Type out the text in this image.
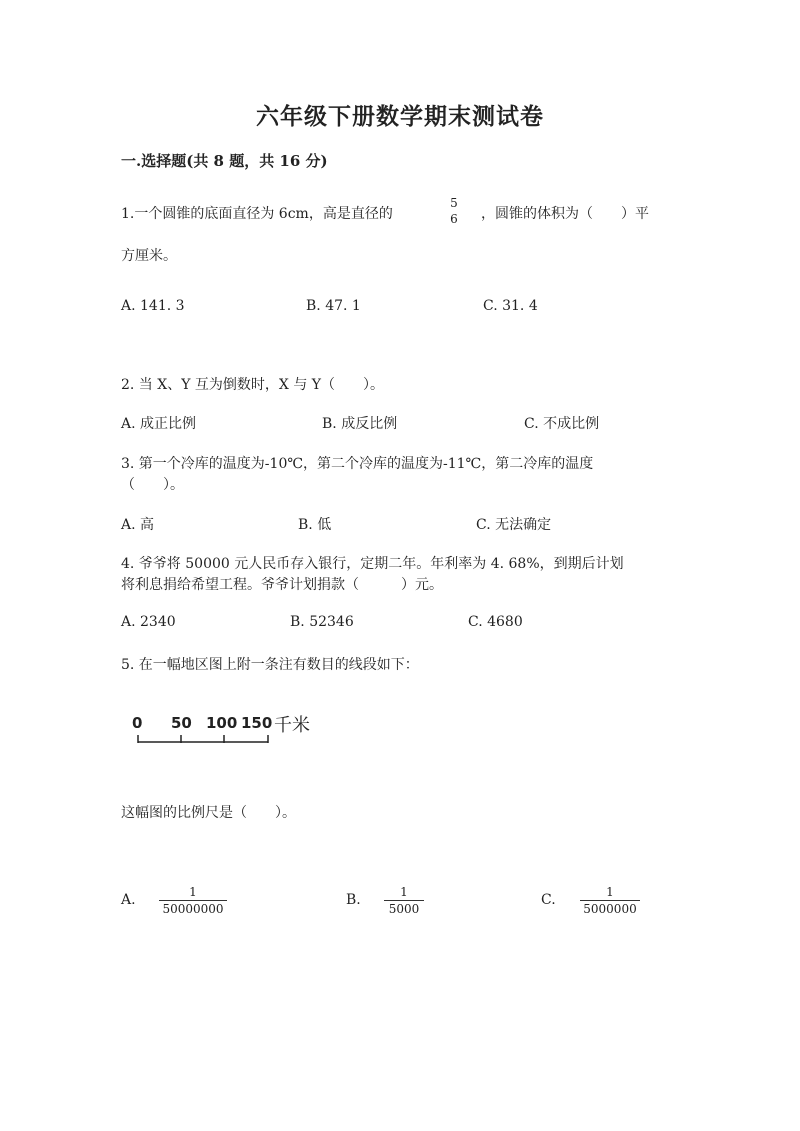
六年级下册数学期末测试卷
一.选择题(共 8 题，共 16 分)
1.一个圆锥的底面直径为 6cm，高是直径的
5
6 ，圆锥的体积为（　　）平
方厘米。
A. 141. 3	B. 47. 1	C. 31. 4
2. 当 X、Y 互为倒数时，X 与 Y（　　）。
A. 成正比例	B. 成反比例	C. 不成比例
3. 第一个冷库的温度为-10℃，第二个冷库的温度为-11℃，第二冷库的温度
（　　）。
A. 高	B. 低	C. 无法确定
4. 爷爷将 50000 元人民币存入银行，定期二年。年利率为 4. 68%，到期后计划
将利息捐给希望工程。爷爷计划捐款（　　　）元。
A. 2340	B. 52346	C. 4680
5. 在一幅地区图上附一条注有数目的线段如下：
0 50 100 150 千米
这幅图的比例尺是（　　）。
A. $\frac{1}{50000000}$	B. $\frac{1}{5000}$	C. $\frac{1}{5000000}$
